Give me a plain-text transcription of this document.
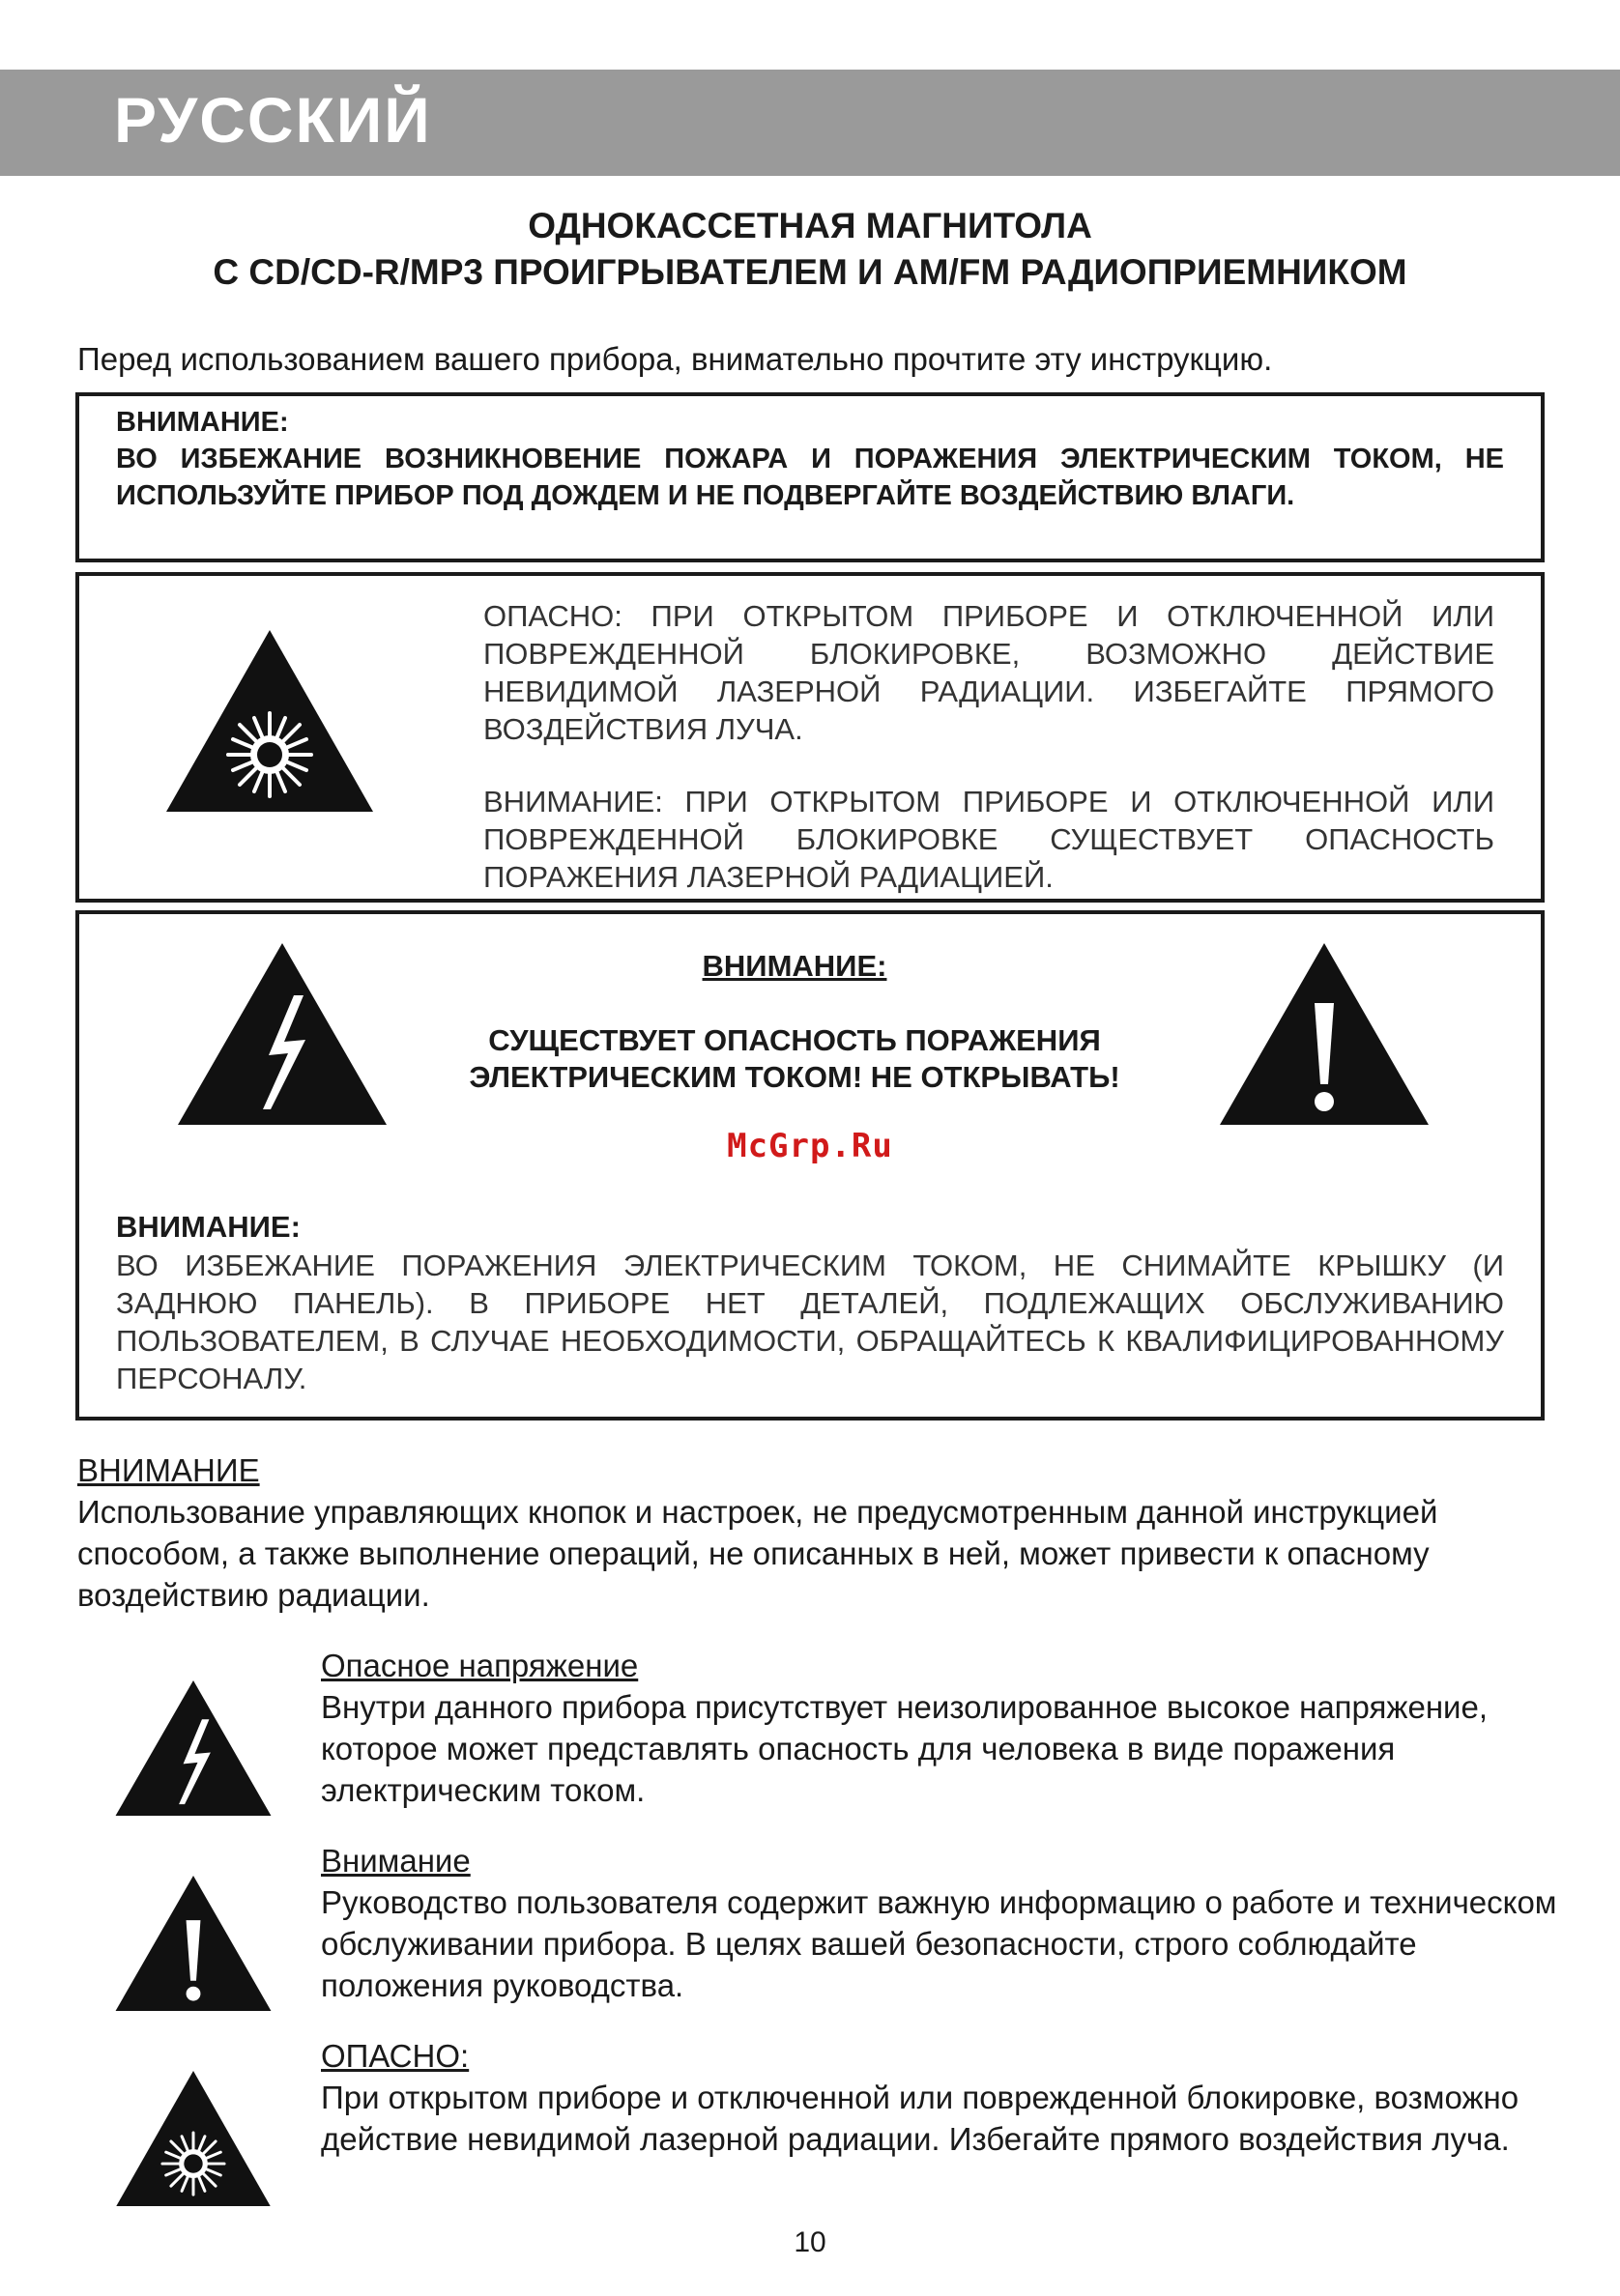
РУССКИЙ
ОДНОКАССЕТНАЯ МАГНИТОЛА
С CD/CD-R/MP3 ПРОИГРЫВАТЕЛЕМ И AM/FM РАДИОПРИЕМНИКОМ
Перед использованием вашего прибора, внимательно прочтите эту инструкцию.
ВНИМАНИЕ:
ВО ИЗБЕЖАНИЕ ВОЗНИКНОВЕНИЕ ПОЖАРА И ПОРАЖЕНИЯ ЭЛЕКТРИЧЕСКИМ ТОКОМ, НЕ ИСПОЛЬЗУЙТЕ ПРИБОР ПОД ДОЖДЕМ И НЕ ПОДВЕРГАЙТЕ ВОЗДЕЙСТВИЮ ВЛАГИ.
ОПАСНО: ПРИ ОТКРЫТОМ ПРИБОРЕ И ОТКЛЮЧЕННОЙ ИЛИ ПОВРЕЖДЕННОЙ БЛОКИРОВКЕ, ВОЗМОЖНО ДЕЙСТВИЕ НЕВИДИМОЙ ЛАЗЕРНОЙ РАДИАЦИИ. ИЗБЕГАЙТЕ ПРЯМОГО ВОЗДЕЙСТВИЯ ЛУЧА.
ВНИМАНИЕ: ПРИ ОТКРЫТОМ ПРИБОРЕ И ОТКЛЮЧЕННОЙ ИЛИ ПОВРЕЖДЕННОЙ БЛОКИРОВКЕ СУЩЕСТВУЕТ ОПАСНОСТЬ ПОРАЖЕНИЯ ЛАЗЕРНОЙ РАДИАЦИЕЙ.
ВНИМАНИЕ:
СУЩЕСТВУЕТ ОПАСНОСТЬ ПОРАЖЕНИЯ ЭЛЕКТРИЧЕСКИМ ТОКОМ! НЕ ОТКРЫВАТЬ!
McGrp.Ru
ВНИМАНИЕ:
ВО ИЗБЕЖАНИЕ ПОРАЖЕНИЯ ЭЛЕКТРИЧЕСКИМ ТОКОМ, НЕ СНИМАЙТЕ КРЫШКУ (И ЗАДНЮЮ ПАНЕЛЬ). В ПРИБОРЕ НЕТ ДЕТАЛЕЙ, ПОДЛЕЖАЩИХ ОБСЛУЖИВАНИЮ ПОЛЬЗОВАТЕЛЕМ, В СЛУЧАЕ НЕОБХОДИМОСТИ, ОБРАЩАЙТЕСЬ К КВАЛИФИЦИРОВАННОМУ ПЕРСОНАЛУ.
ВНИМАНИЕ
Использование управляющих кнопок и настроек, не предусмотренным данной инструкцией способом, а также выполнение операций, не описанных в ней, может привести к опасному воздействию радиации.
Опасное напряжение
Внутри данного прибора присутствует неизолированное высокое напряжение, которое может представлять опасность для человека в виде поражения электрическим током.
Внимание
Руководство пользователя содержит важную информацию о работе и техническом обслуживании прибора. В целях вашей безопасности, строго соблюдайте положения руководства.
ОПАСНО:
При открытом приборе и отключенной или поврежденной блокировке, возможно действие невидимой лазерной радиации. Избегайте прямого воздействия луча.
10
